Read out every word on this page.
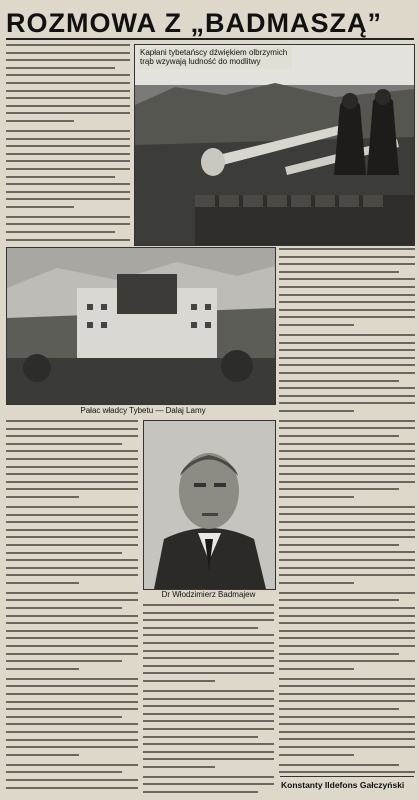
ROZMOWA Z „BADMASZĄ”
Kapłani tybetańscy dźwiękiem olbrzymich trąb wzywają ludność do modlitwy
Pałac władcy Tybetu — Dalaj Lamy
Dr Włodzimierz Badmajew
Konstanty Ildefons Gałczyński
